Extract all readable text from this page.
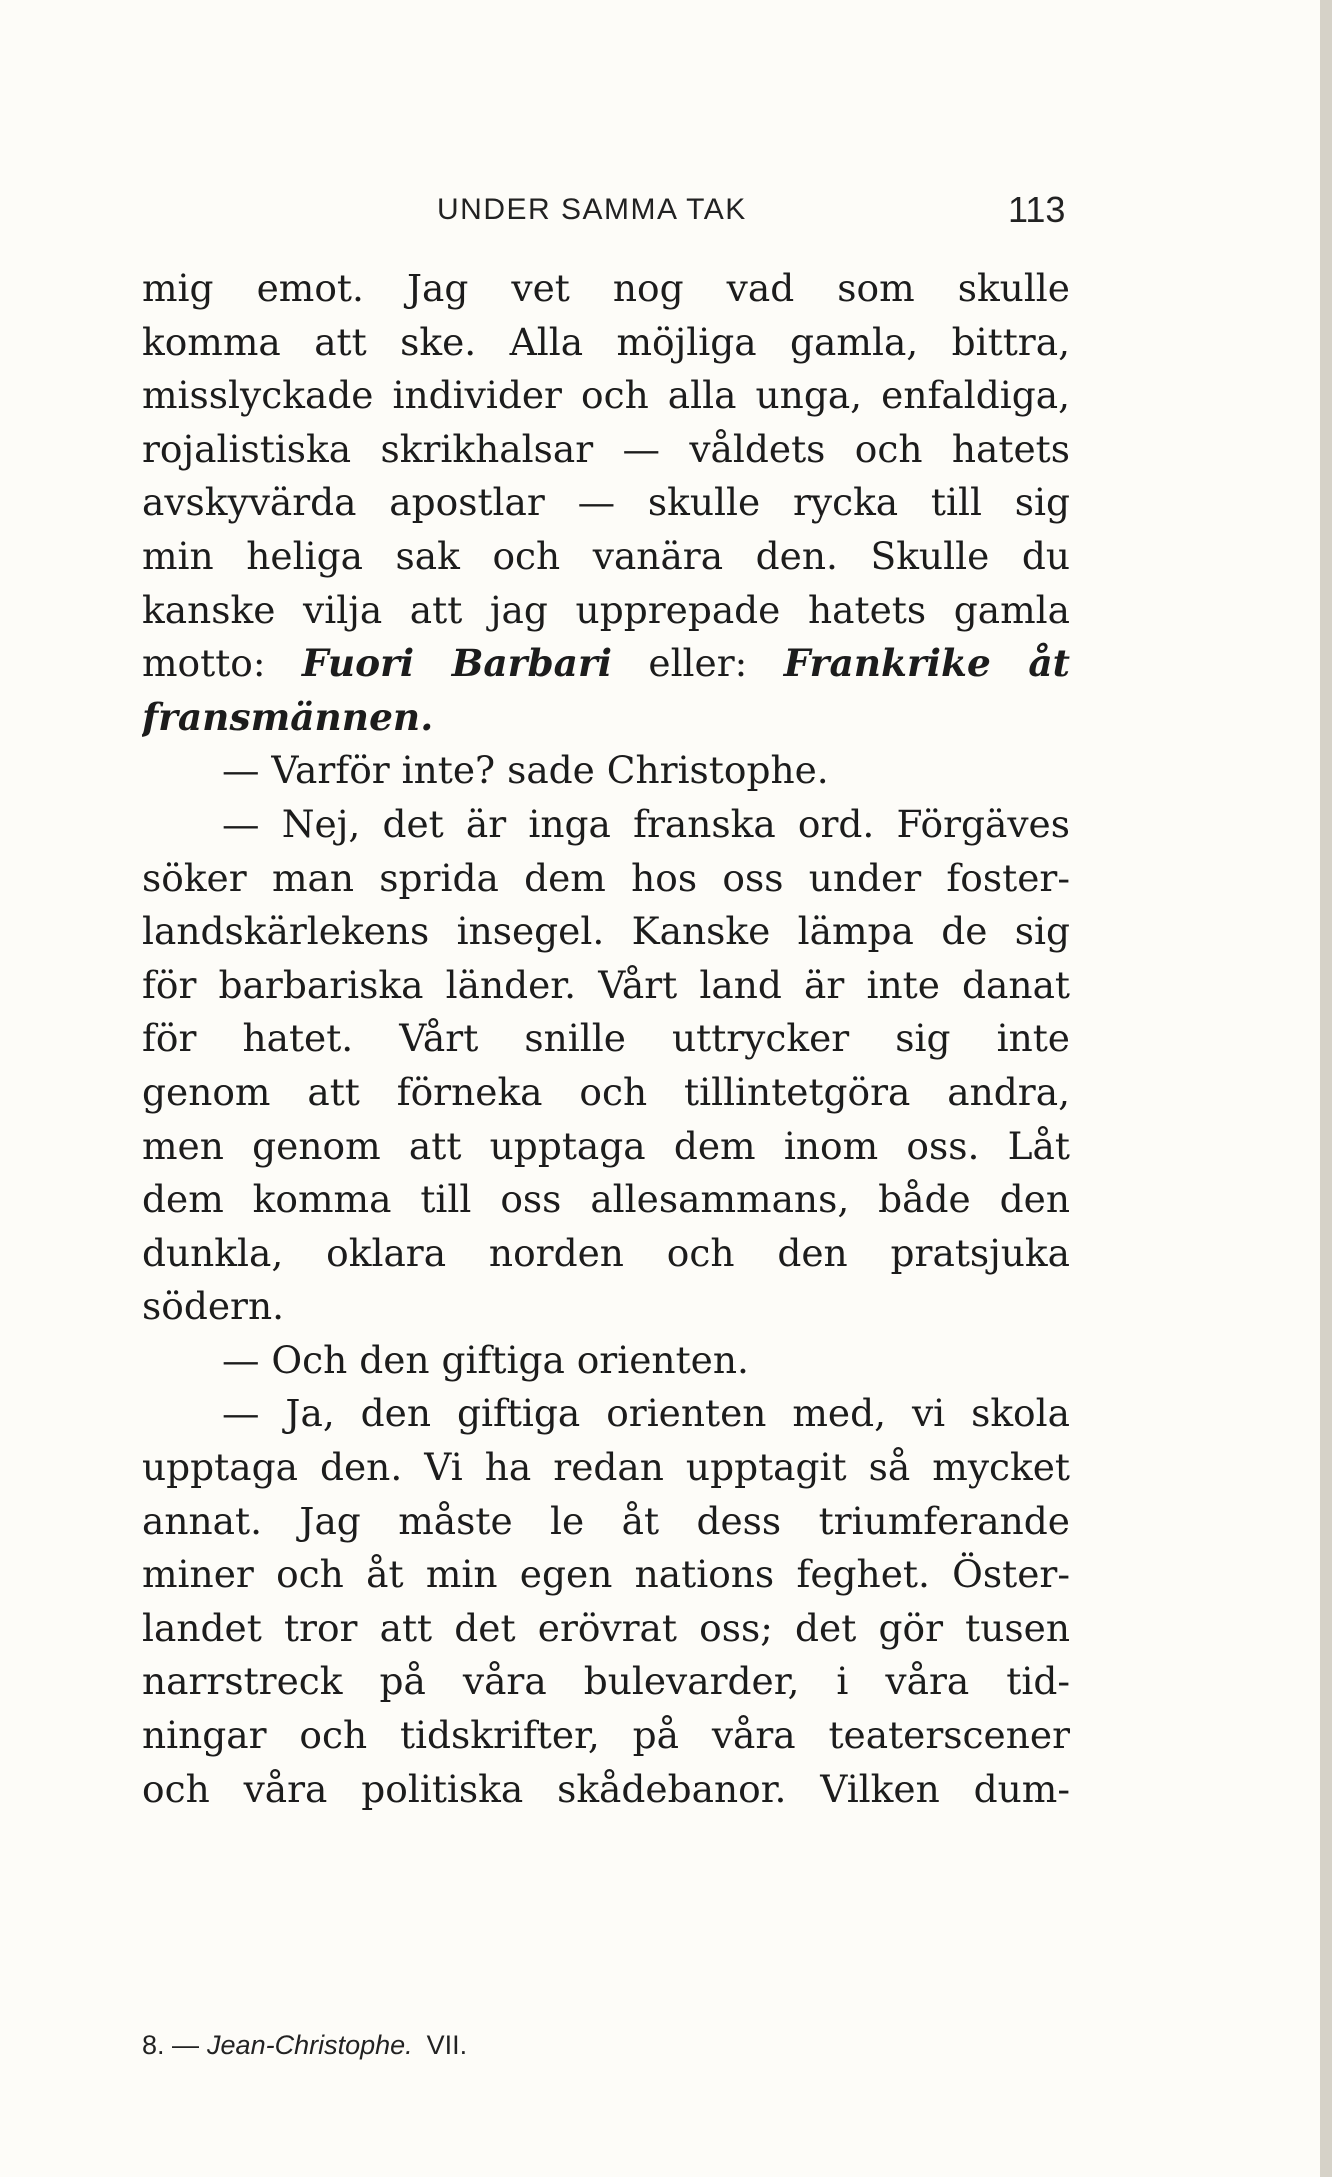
UNDER SAMMA TAK	113
mig emot. Jag vet nog vad som skulle
komma att ske. Alla möjliga gamla, bittra,
misslyckade individer och alla unga, enfaldiga,
rojalistiska skrikhalsar — våldets och hatets
avskyvärda apostlar — skulle rycka till sig
min heliga sak och vanära den. Skulle du
kanske vilja att jag upprepade hatets gamla
motto: Fuori Barbari eller: Frankrike åt
fransmännen.
— Varför inte? sade Christophe.
— Nej, det är inga franska ord. Förgäves
söker man sprida dem hos oss under foster-
landskärlekens insegel. Kanske lämpa de sig
för barbariska länder. Vårt land är inte danat
för hatet. Vårt snille uttrycker sig inte
genom att förneka och tillintetgöra andra,
men genom att upptaga dem inom oss. Låt
dem komma till oss allesammans, både den
dunkla, oklara norden och den pratsjuka
södern.
— Och den giftiga orienten.
— Ja, den giftiga orienten med, vi skola
upptaga den. Vi ha redan upptagit så mycket
annat. Jag måste le åt dess triumferande
miner och åt min egen nations feghet. Öster-
landet tror att det erövrat oss; det gör tusen
narrstreck på våra bulevarder, i våra tid-
ningar och tidskrifter, på våra teaterscener
och våra politiska skådebanor. Vilken dum-
8. — Jean-Christophe. VII.
